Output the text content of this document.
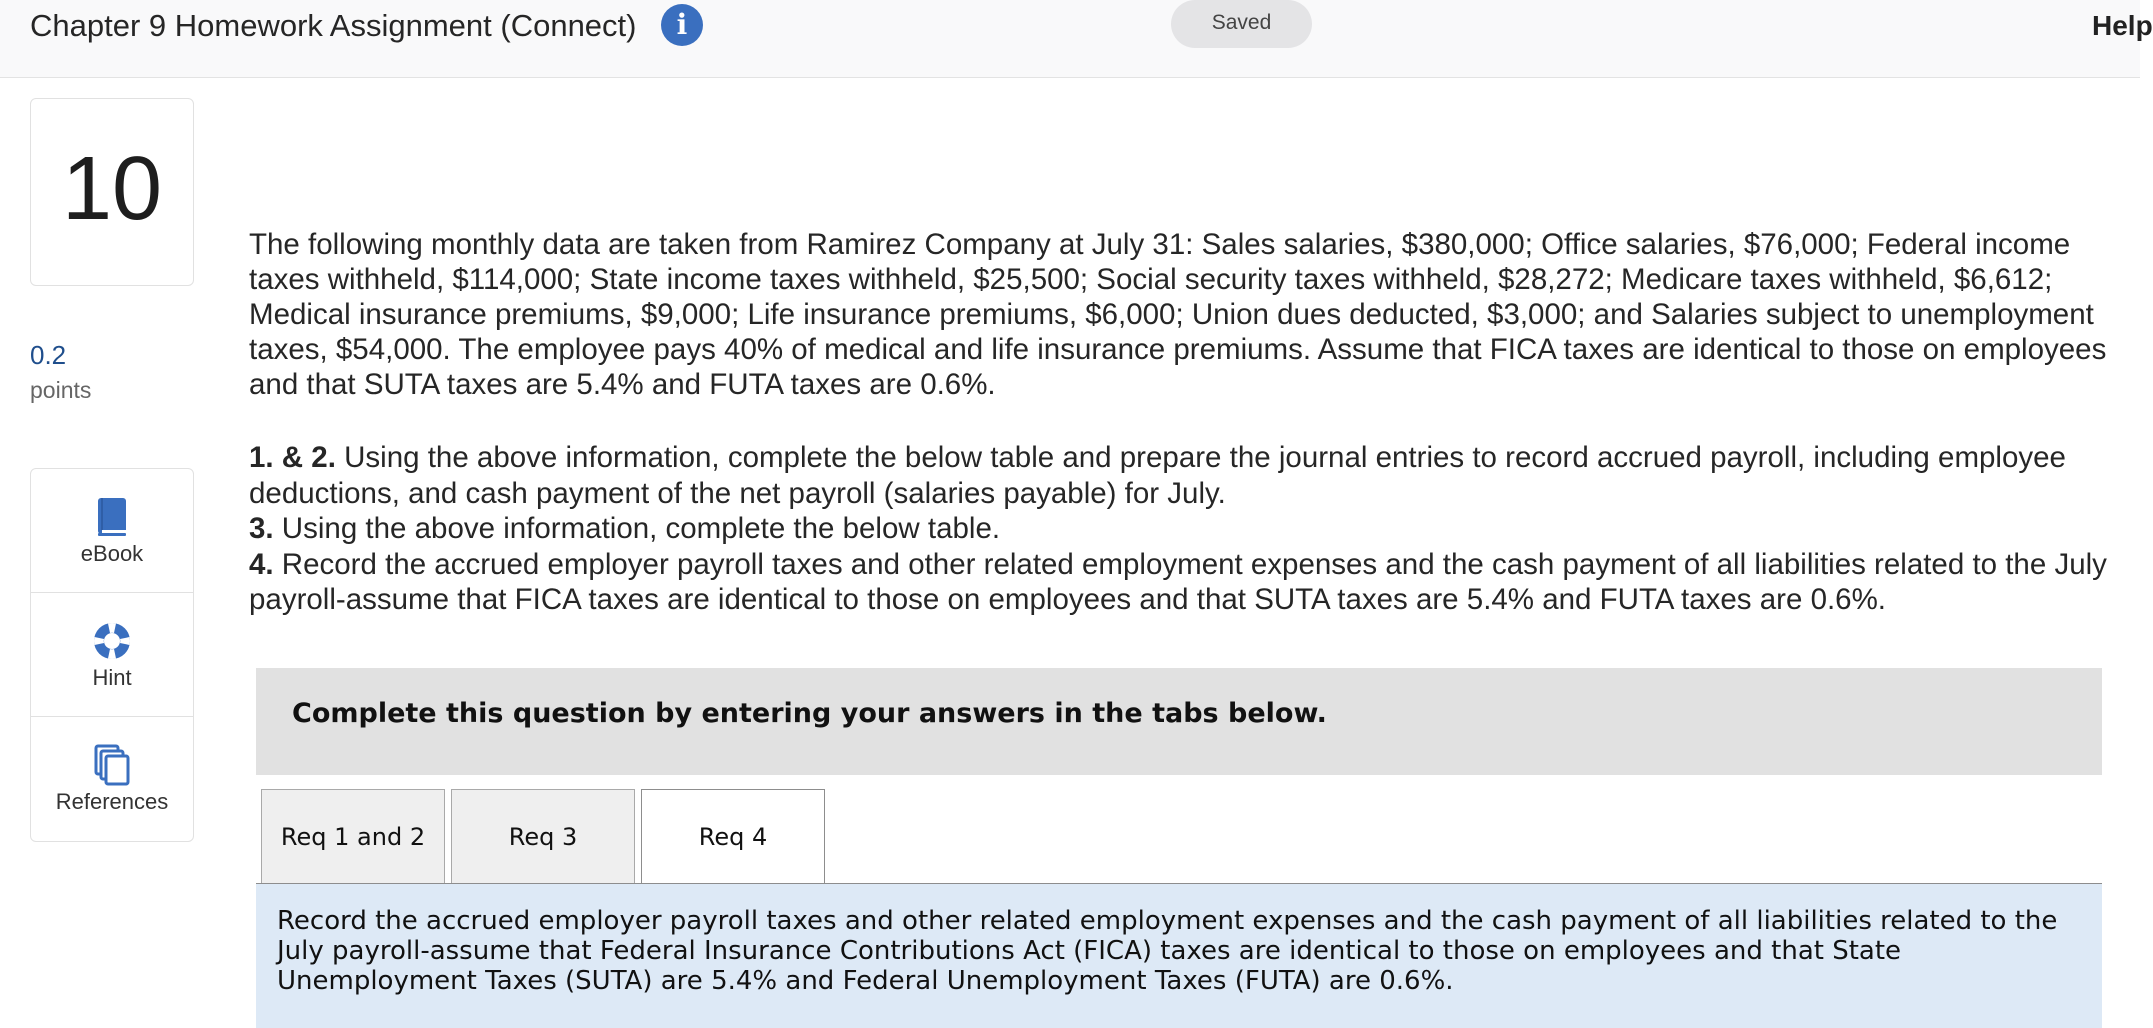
Chapter 9 Homework Assignment (Connect)	i	Saved	Help
10
0.2
points
eBook
Hint
References
The following monthly data are taken from Ramirez Company at July 31: Sales salaries, $380,000; Office salaries, $76,000; Federal income taxes withheld, $114,000; State income taxes withheld, $25,500; Social security taxes withheld, $28,272; Medicare taxes withheld, $6,612; Medical insurance premiums, $9,000; Life insurance premiums, $6,000; Union dues deducted, $3,000; and Salaries subject to unemployment taxes, $54,000. The employee pays 40% of medical and life insurance premiums. Assume that FICA taxes are identical to those on employees and that SUTA taxes are 5.4% and FUTA taxes are 0.6%.

1. & 2. Using the above information, complete the below table and prepare the journal entries to record accrued payroll, including employee deductions, and cash payment of the net payroll (salaries payable) for July.

3. Using the above information, complete the below table.

4. Record the accrued employer payroll taxes and other related employment expenses and the cash payment of all liabilities related to the July payroll-assume that FICA taxes are identical to those on employees and that SUTA taxes are 5.4% and FUTA taxes are 0.6%.

Complete this question by entering your answers in the tabs below.
Req 1 and 2	Req 3	Req 4
Record the accrued employer payroll taxes and other related employment expenses and the cash payment of all liabilities related to the July payroll-assume that Federal Insurance Contributions Act (FICA) taxes are identical to those on employees and that State Unemployment Taxes (SUTA) are 5.4% and Federal Unemployment Taxes (FUTA) are 0.6%.
